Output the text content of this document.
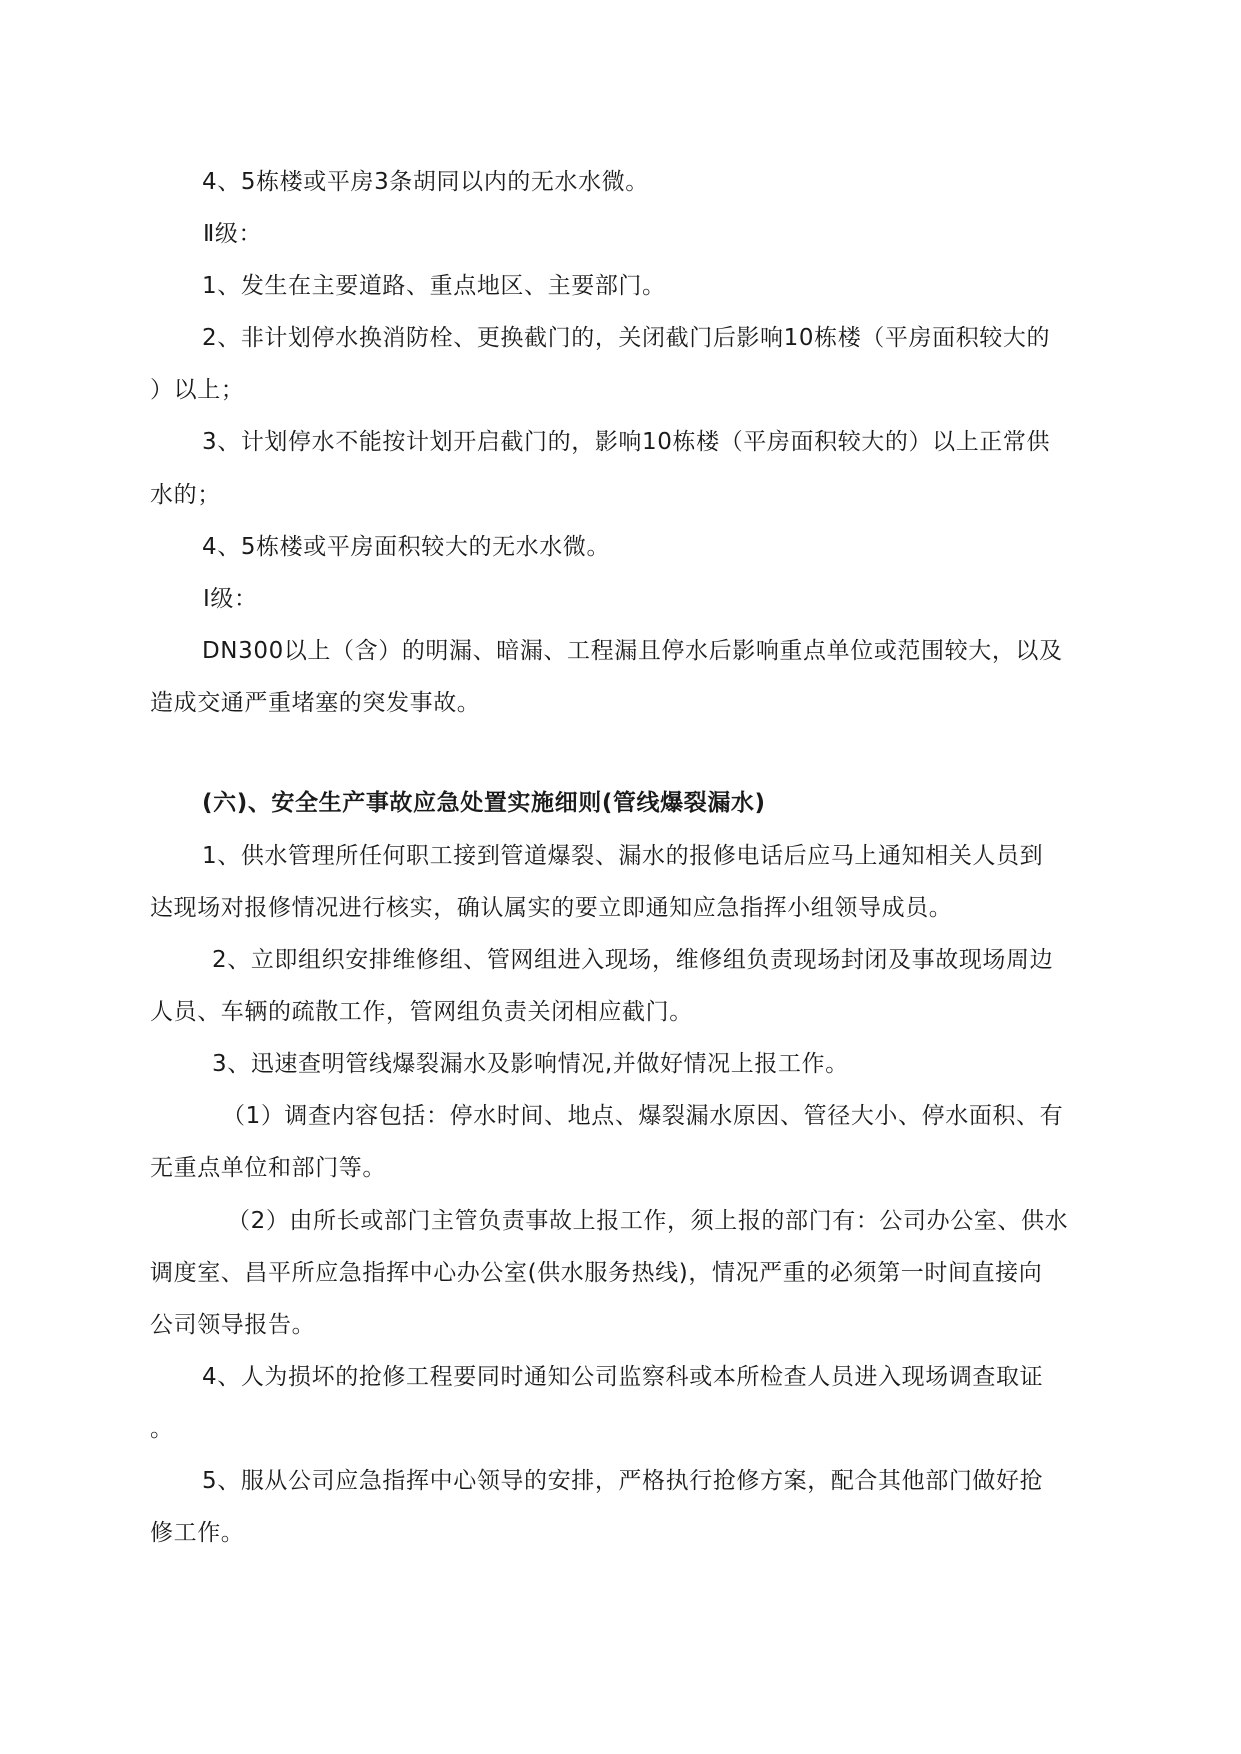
4、5栋楼或平房3条胡同以内的无水水微。
Ⅱ级：
1、发生在主要道路、重点地区、主要部门。
2、非计划停水换消防栓、更换截门的，关闭截门后影响10栋楼（平房面积较大的
）以上；
3、计划停水不能按计划开启截门的，影响10栋楼（平房面积较大的）以上正常供
水的；
4、5栋楼或平房面积较大的无水水微。
Ⅰ级：
DN300以上（含）的明漏、暗漏、工程漏且停水后影响重点单位或范围较大，以及
造成交通严重堵塞的突发事故。
(六)、安全生产事故应急处置实施细则(管线爆裂漏水)
1、供水管理所任何职工接到管道爆裂、漏水的报修电话后应马上通知相关人员到
达现场对报修情况进行核实，确认属实的要立即通知应急指挥小组领导成员。
2、立即组织安排维修组、管网组进入现场，维修组负责现场封闭及事故现场周边
人员、车辆的疏散工作，管网组负责关闭相应截门。
3、迅速查明管线爆裂漏水及影响情况,并做好情况上报工作。
（1）调查内容包括：停水时间、地点、爆裂漏水原因、管径大小、停水面积、有
无重点单位和部门等。
（2）由所长或部门主管负责事故上报工作，须上报的部门有：公司办公室、供水
调度室、昌平所应急指挥中心办公室(供水服务热线)，情况严重的必须第一时间直接向
公司领导报告。
4、人为损坏的抢修工程要同时通知公司监察科或本所检查人员进入现场调查取证
。
5、服从公司应急指挥中心领导的安排，严格执行抢修方案，配合其他部门做好抢
修工作。
